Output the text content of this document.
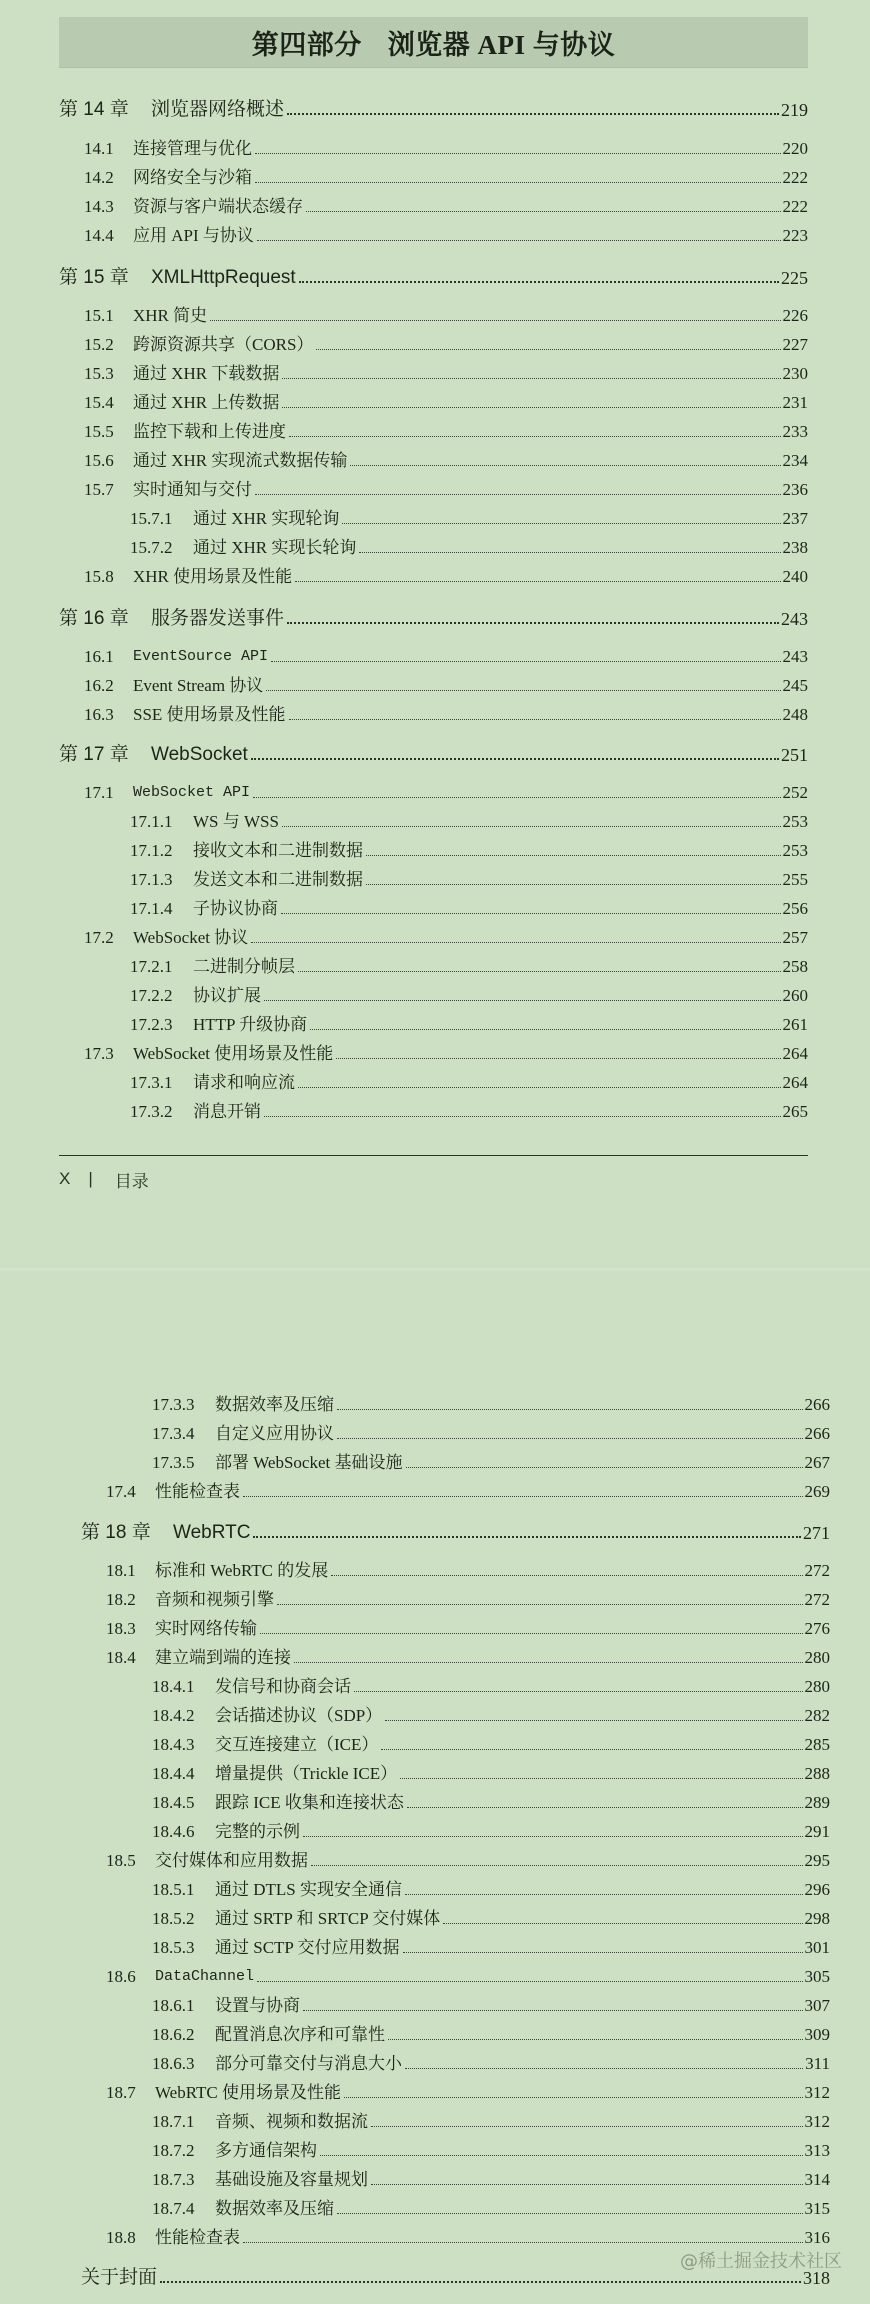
第四部分 浏览器 API 与协议
第 14 章	浏览器网络概述	219
14.1	连接管理与优化	220
14.2	网络安全与沙箱	222
14.3	资源与客户端状态缓存	222
14.4	应用 API 与协议	223
第 15 章	XMLHttpRequest	225
15.1	XHR 简史	226
15.2	跨源资源共享（CORS）	227
15.3	通过 XHR 下载数据	230
15.4	通过 XHR 上传数据	231
15.5	监控下载和上传进度	233
15.6	通过 XHR 实现流式数据传输	234
15.7	实时通知与交付	236
15.7.1	通过 XHR 实现轮询	237
15.7.2	通过 XHR 实现长轮询	238
15.8	XHR 使用场景及性能	240
第 16 章	服务器发送事件	243
16.1	EventSource API	243
16.2	Event Stream 协议	245
16.3	SSE 使用场景及性能	248
第 17 章	WebSocket	251
17.1	WebSocket API	252
17.1.1	WS 与 WSS	253
17.1.2	接收文本和二进制数据	253
17.1.3	发送文本和二进制数据	255
17.1.4	子协议协商	256
17.2	WebSocket 协议	257
17.2.1	二进制分帧层	258
17.2.2	协议扩展	260
17.2.3	HTTP 升级协商	261
17.3	WebSocket 使用场景及性能	264
17.3.1	请求和响应流	264
17.3.2	消息开销	265
X | 目录
17.3.3	数据效率及压缩	266
17.3.4	自定义应用协议	266
17.3.5	部署 WebSocket 基础设施	267
17.4	性能检查表	269
第 18 章	WebRTC	271
18.1	标准和 WebRTC 的发展	272
18.2	音频和视频引擎	272
18.3	实时网络传输	276
18.4	建立端到端的连接	280
18.4.1	发信号和协商会话	280
18.4.2	会话描述协议（SDP）	282
18.4.3	交互连接建立（ICE）	285
18.4.4	增量提供（Trickle ICE）	288
18.4.5	跟踪 ICE 收集和连接状态	289
18.4.6	完整的示例	291
18.5	交付媒体和应用数据	295
18.5.1	通过 DTLS 实现安全通信	296
18.5.2	通过 SRTP 和 SRTCP 交付媒体	298
18.5.3	通过 SCTP 交付应用数据	301
18.6	DataChannel	305
18.6.1	设置与协商	307
18.6.2	配置消息次序和可靠性	309
18.6.3	部分可靠交付与消息大小	311
18.7	WebRTC 使用场景及性能	312
18.7.1	音频、视频和数据流	312
18.7.2	多方通信架构	313
18.7.3	基础设施及容量规划	314
18.7.4	数据效率及压缩	315
18.8	性能检查表	316
关于封面	318
@稀土掘金技术社区
